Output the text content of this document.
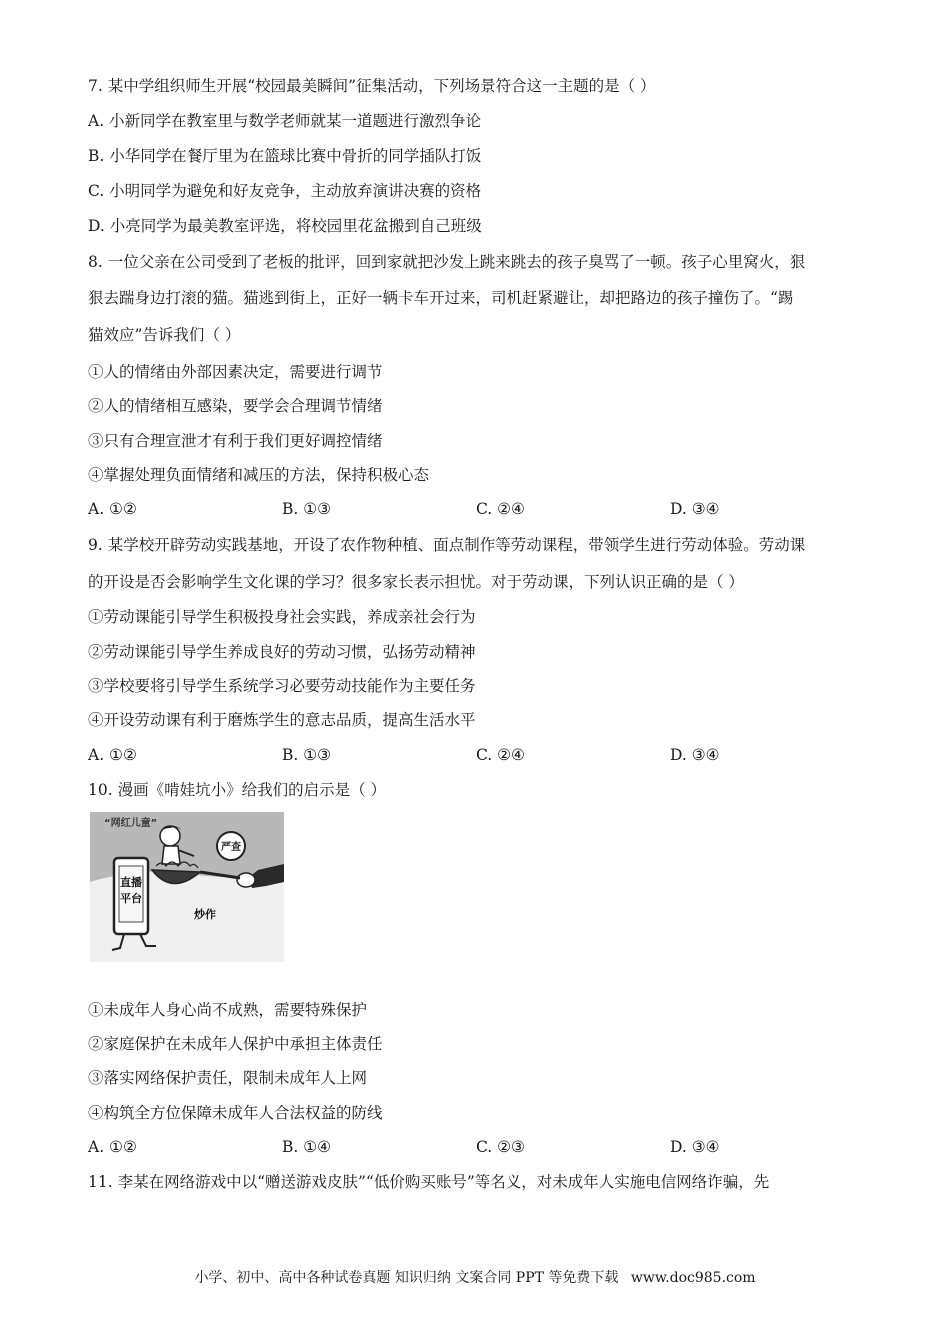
7. 某中学组织师生开展“校园最美瞬间”征集活动，下列场景符合这一主题的是（ ）
A. 小新同学在教室里与数学老师就某一道题进行激烈争论
B. 小华同学在餐厅里为在篮球比赛中骨折的同学插队打饭
C. 小明同学为避免和好友竞争，主动放弃演讲决赛的资格
D. 小亮同学为最美教室评选，将校园里花盆搬到自己班级
8. 一位父亲在公司受到了老板的批评，回到家就把沙发上跳来跳去的孩子臭骂了一顿。孩子心里窝火，狠
狠去踹身边打滚的猫。猫逃到街上，正好一辆卡车开过来，司机赶紧避让，却把路边的孩子撞伤了。“踢
猫效应”告诉我们（ ）
①人的情绪由外部因素决定，需要进行调节
②人的情绪相互感染，要学会合理调节情绪
③只有合理宣泄才有利于我们更好调控情绪
④掌握处理负面情绪和减压的方法，保持积极心态
A. ①②	B. ①③	C. ②④	D. ③④
9. 某学校开辟劳动实践基地，开设了农作物种植、面点制作等劳动课程，带领学生进行劳动体验。劳动课
的开设是否会影响学生文化课的学习？很多家长表示担忧。对于劳动课，下列认识正确的是（ ）
①劳动课能引导学生积极投身社会实践，养成亲社会行为
②劳动课能引导学生养成良好的劳动习惯，弘扬劳动精神
③学校要将引导学生系统学习必要劳动技能作为主要任务
④开设劳动课有利于磨炼学生的意志品质，提高生活水平
A. ①②	B. ①③	C. ②④	D. ③④
10. 漫画《啃娃坑小》给我们的启示是（ ）
严查
“网红儿童”
直播
平台
炒作
①未成年人身心尚不成熟，需要特殊保护
②家庭保护在未成年人保护中承担主体责任
③落实网络保护责任，限制未成年人上网
④构筑全方位保障未成年人合法权益的防线
A. ①②	B. ①④	C. ②③	D. ③④
11. 李某在网络游戏中以“赠送游戏皮肤”“低价购买账号”等名义，对未成年人实施电信网络诈骗，先
小学、初中、高中各种试卷真题 知识归纳 文案合同 PPT 等免费下载 www.doc985.com
